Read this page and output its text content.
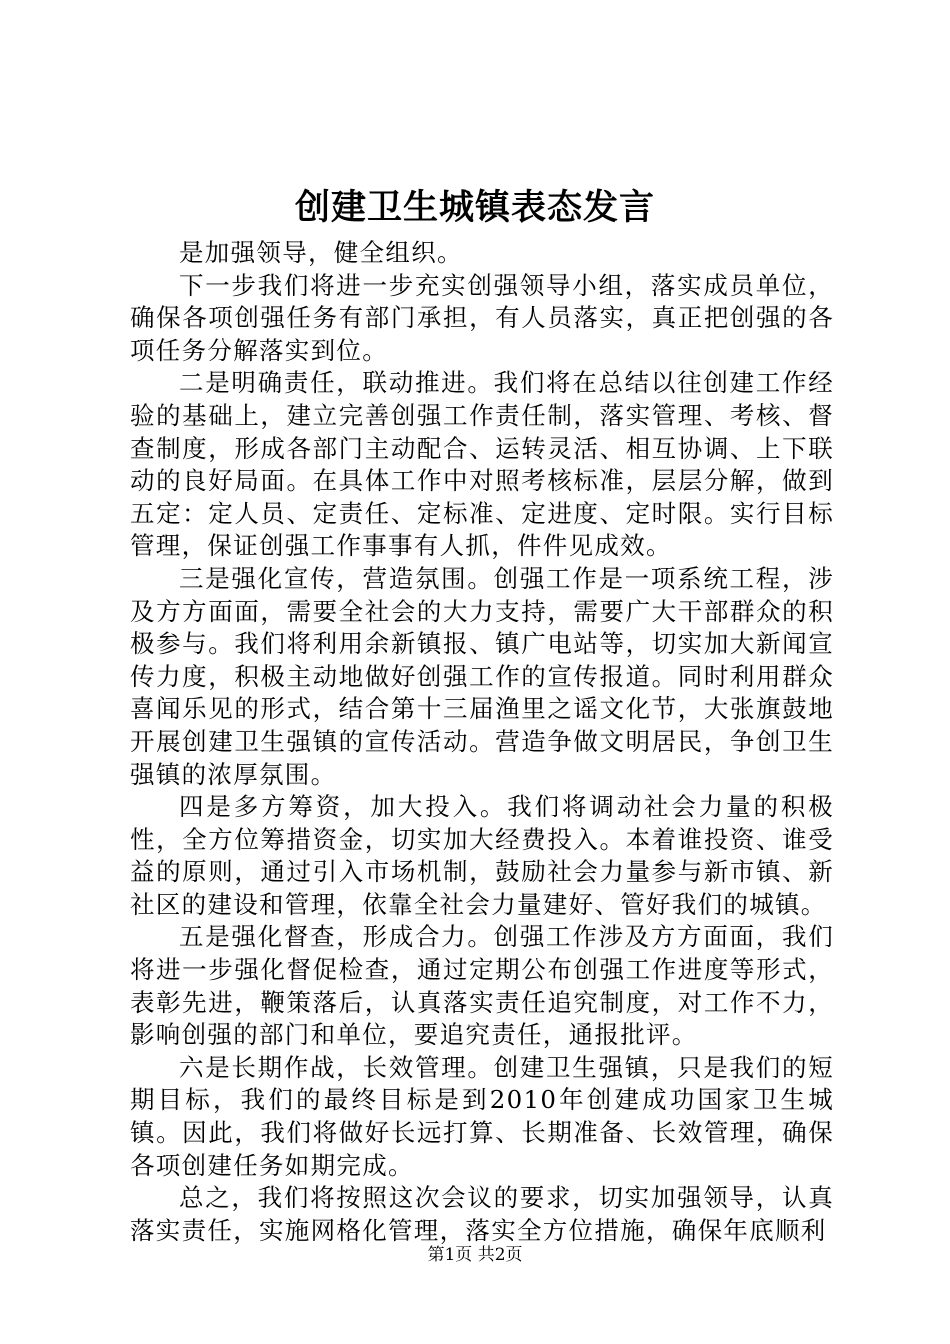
创建卫生城镇表态发言

是加强领导，健全组织。

下一步我们将进一步充实创强领导小组，落实成员单位，确保各项创强任务有部门承担，有人员落实，真正把创强的各项任务分解落实到位。

二是明确责任，联动推进。我们将在总结以往创建工作经验的基础上，建立完善创强工作责任制，落实管理、考核、督查制度，形成各部门主动配合、运转灵活、相互协调、上下联动的良好局面。在具体工作中对照考核标准，层层分解，做到五定：定人员、定责任、定标准、定进度、定时限。实行目标管理，保证创强工作事事有人抓，件件见成效。

三是强化宣传，营造氛围。创强工作是一项系统工程，涉及方方面面，需要全社会的大力支持，需要广大干部群众的积极参与。我们将利用余新镇报、镇广电站等，切实加大新闻宣传力度，积极主动地做好创强工作的宣传报道。同时利用群众喜闻乐见的形式，结合第十三届渔里之谣文化节，大张旗鼓地开展创建卫生强镇的宣传活动。营造争做文明居民，争创卫生强镇的浓厚氛围。

四是多方筹资，加大投入。我们将调动社会力量的积极性，全方位筹措资金，切实加大经费投入。本着谁投资、谁受益的原则，通过引入市场机制，鼓励社会力量参与新市镇、新社区的建设和管理，依靠全社会力量建好、管好我们的城镇。

五是强化督查，形成合力。创强工作涉及方方面面，我们将进一步强化督促检查，通过定期公布创强工作进度等形式，表彰先进，鞭策落后，认真落实责任追究制度，对工作不力，影响创强的部门和单位，要追究责任，通报批评。

六是长期作战，长效管理。创建卫生强镇，只是我们的短期目标，我们的最终目标是到2010年创建成功国家卫生城镇。因此，我们将做好长远打算、长期准备、长效管理，确保各项创建任务如期完成。

总之，我们将按照这次会议的要求，切实加强领导，认真落实责任，实施网格化管理，落实全方位措施，确保年底顺利

第1页 共2页
